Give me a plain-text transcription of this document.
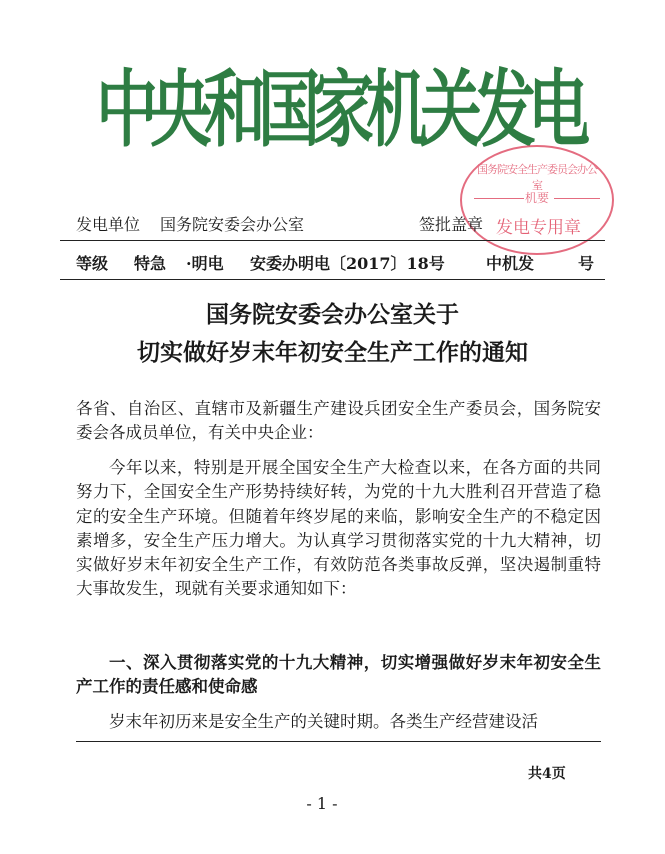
中央和国家机关发电
国务院安全生产委员会办公室
机要
发电专用章
发电单位 国务院安委会办公室	签批盖章
等级 特急 ·明电 安委办明电〔2017〕18号	中机发	号
国务院安委会办公室关于
切实做好岁末年初安全生产工作的通知

各省、自治区、直辖市及新疆生产建设兵团安全生产委员会，国务院安委会各成员单位，有关中央企业：

今年以来，特别是开展全国安全生产大检查以来，在各方面的共同努力下，全国安全生产形势持续好转，为党的十九大胜利召开营造了稳定的安全生产环境。但随着年终岁尾的来临，影响安全生产的不稳定因素增多，安全生产压力增大。为认真学习贯彻落实党的十九大精神，切实做好岁末年初安全生产工作，有效防范各类事故反弹，坚决遏制重特大事故发生，现就有关要求通知如下：

一、深入贯彻落实党的十九大精神，切实增强做好岁末年初安全生产工作的责任感和使命感

岁末年初历来是安全生产的关键时期。各类生产经营建设活

共4页
- 1 -
